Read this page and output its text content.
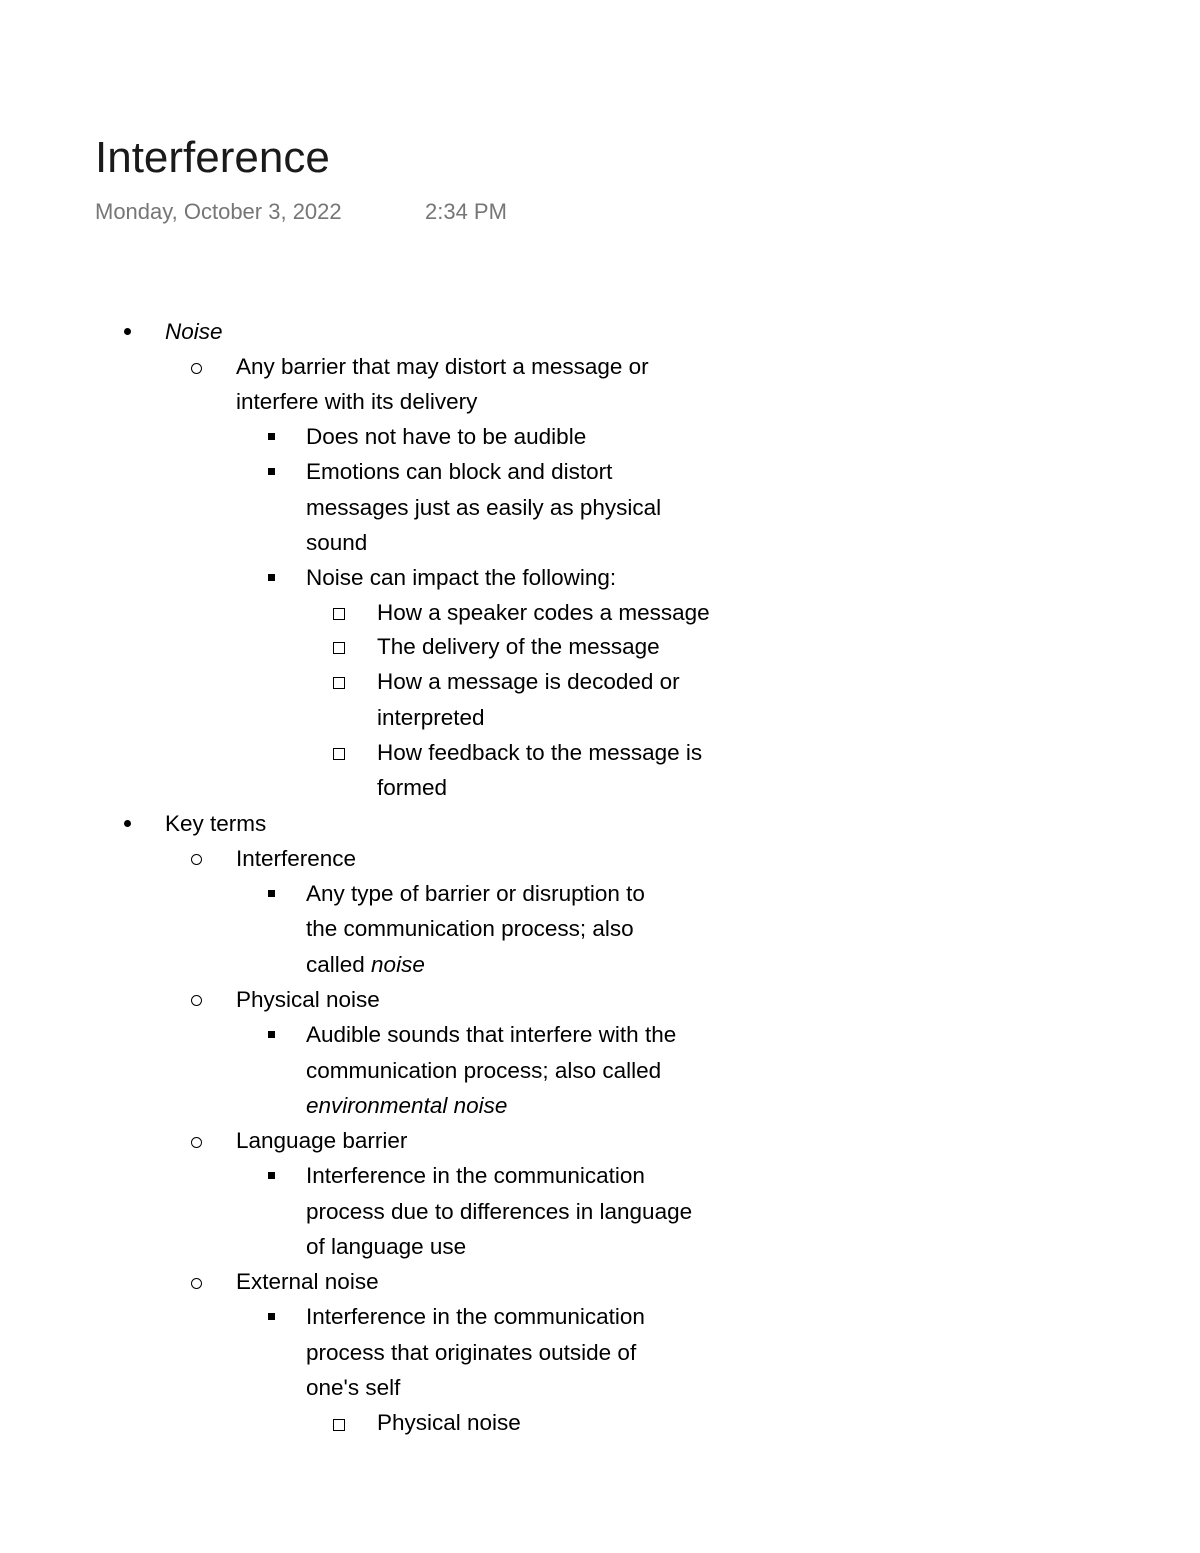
Interference
Monday, October 3, 2022	2:34 PM
Noise
Any barrier that may distort a message or
interfere with its delivery
Does not have to be audible
Emotions can block and distort
messages just as easily as physical
sound
Noise can impact the following:
How a speaker codes a message
The delivery of the message
How a message is decoded or
interpreted
How feedback to the message is
formed
Key terms
Interference
Any type of barrier or disruption to
the communication process; also
called noise
Physical noise
Audible sounds that interfere with the
communication process; also called
environmental noise
Language barrier
Interference in the communication
process due to differences in language
of language use
External noise
Interference in the communication
process that originates outside of
one's self
Physical noise
